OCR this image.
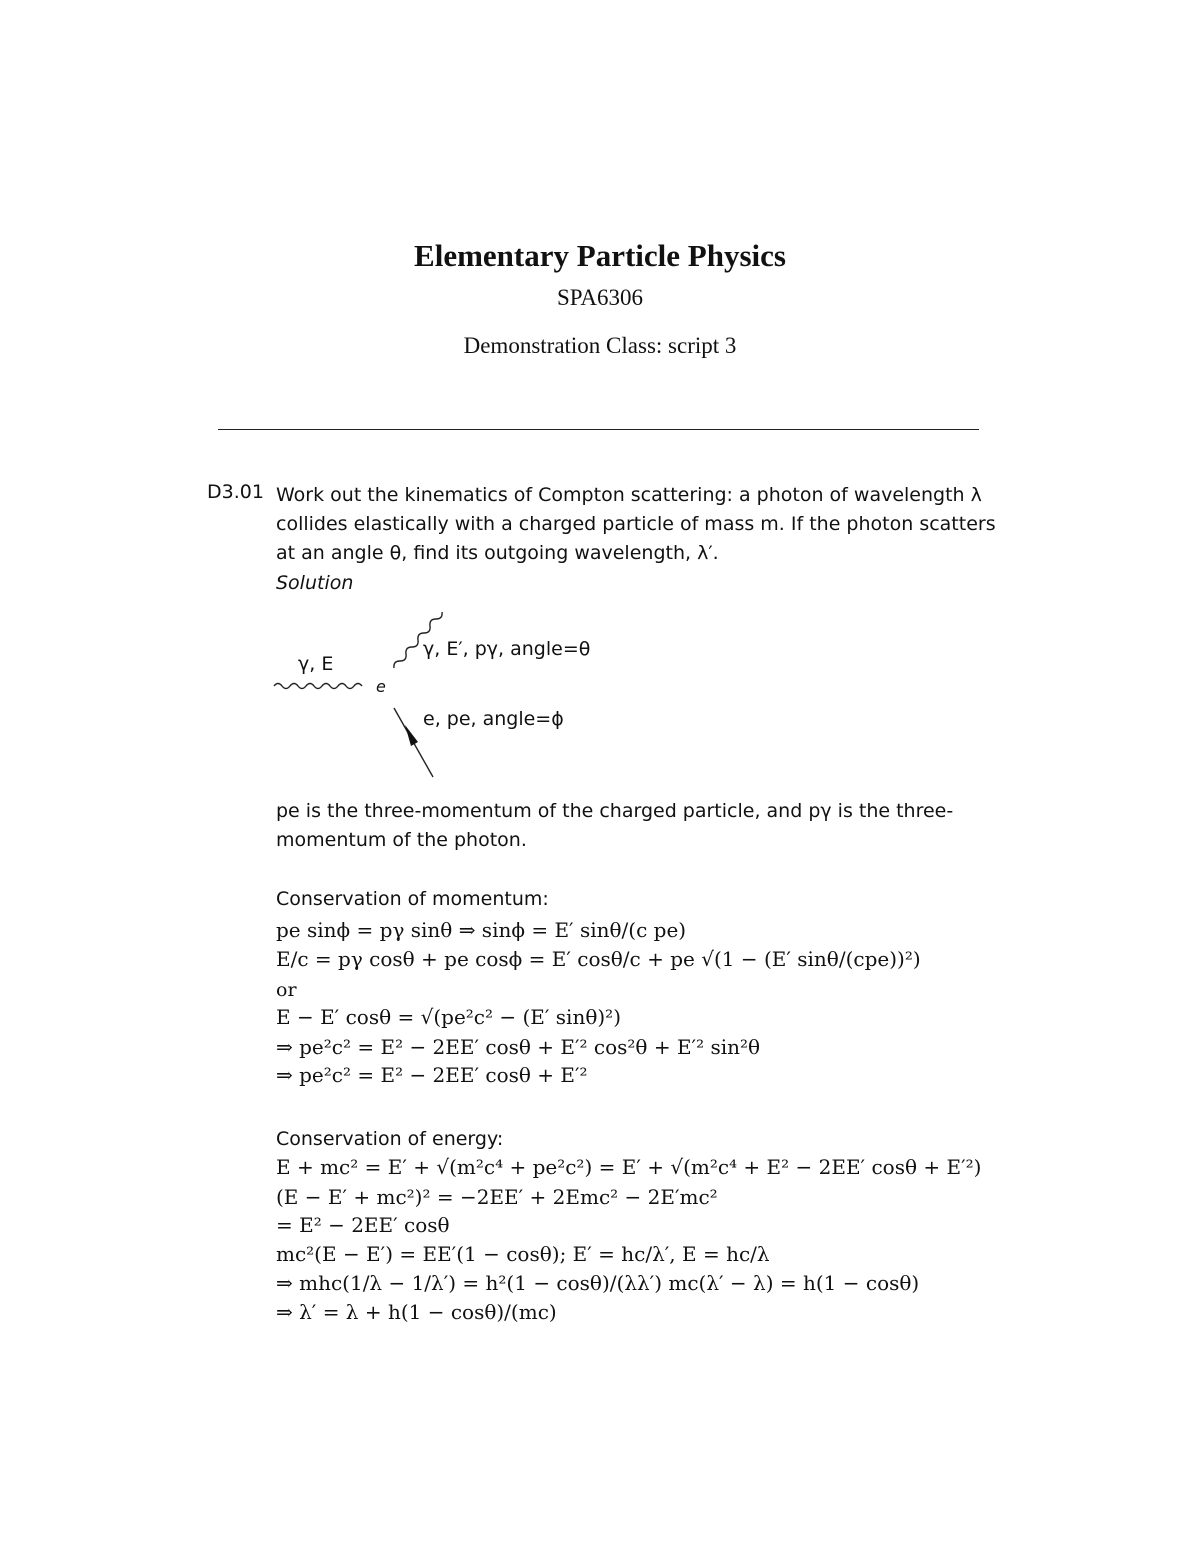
Elementary Particle Physics
SPA6306
Demonstration Class: script 3
D3.01 Work out the kinematics of Compton scattering: a photon of wavelength λ collides elastically with a charged particle of mass m. If the photon scatters at an angle θ, find its outgoing wavelength, λ′.
Solution
γ, E
e
γ, E′, pγ, angle=θ
e, pe, angle=ϕ
pe is the three-momentum of the charged particle, and pγ is the three-momentum of the photon.
Conservation of momentum:
pe sinϕ = pγ sinθ ⇒ sinϕ = E′ sinθ/(c pe)
E/c = pγ cosθ + pe cosϕ = E′ cosθ/c + pe √(1 − (E′ sinθ/(cpe))²)
or
E − E′ cosθ = √(pe²c² − (E′ sinθ)²)
⇒ pe²c² = E² − 2EE′ cosθ + E′² cos²θ + E′² sin²θ
⇒ pe²c² = E² − 2EE′ cosθ + E′²
Conservation of energy:
E + mc² = E′ + √(m²c⁴ + pe²c²) = E′ + √(m²c⁴ + E² − 2EE′ cosθ + E′²)
(E − E′ + mc²)² = −2EE′ + 2Emc² − 2E′mc²
= E² − 2EE′ cosθ
mc²(E − E′) = EE′(1 − cosθ); E′ = hc/λ′, E = hc/λ
⇒ mhc(1/λ − 1/λ′) = h²(1 − cosθ)/(λλ′) mc(λ′ − λ) = h(1 − cosθ)
⇒ λ′ = λ + h(1 − cosθ)/(mc)
